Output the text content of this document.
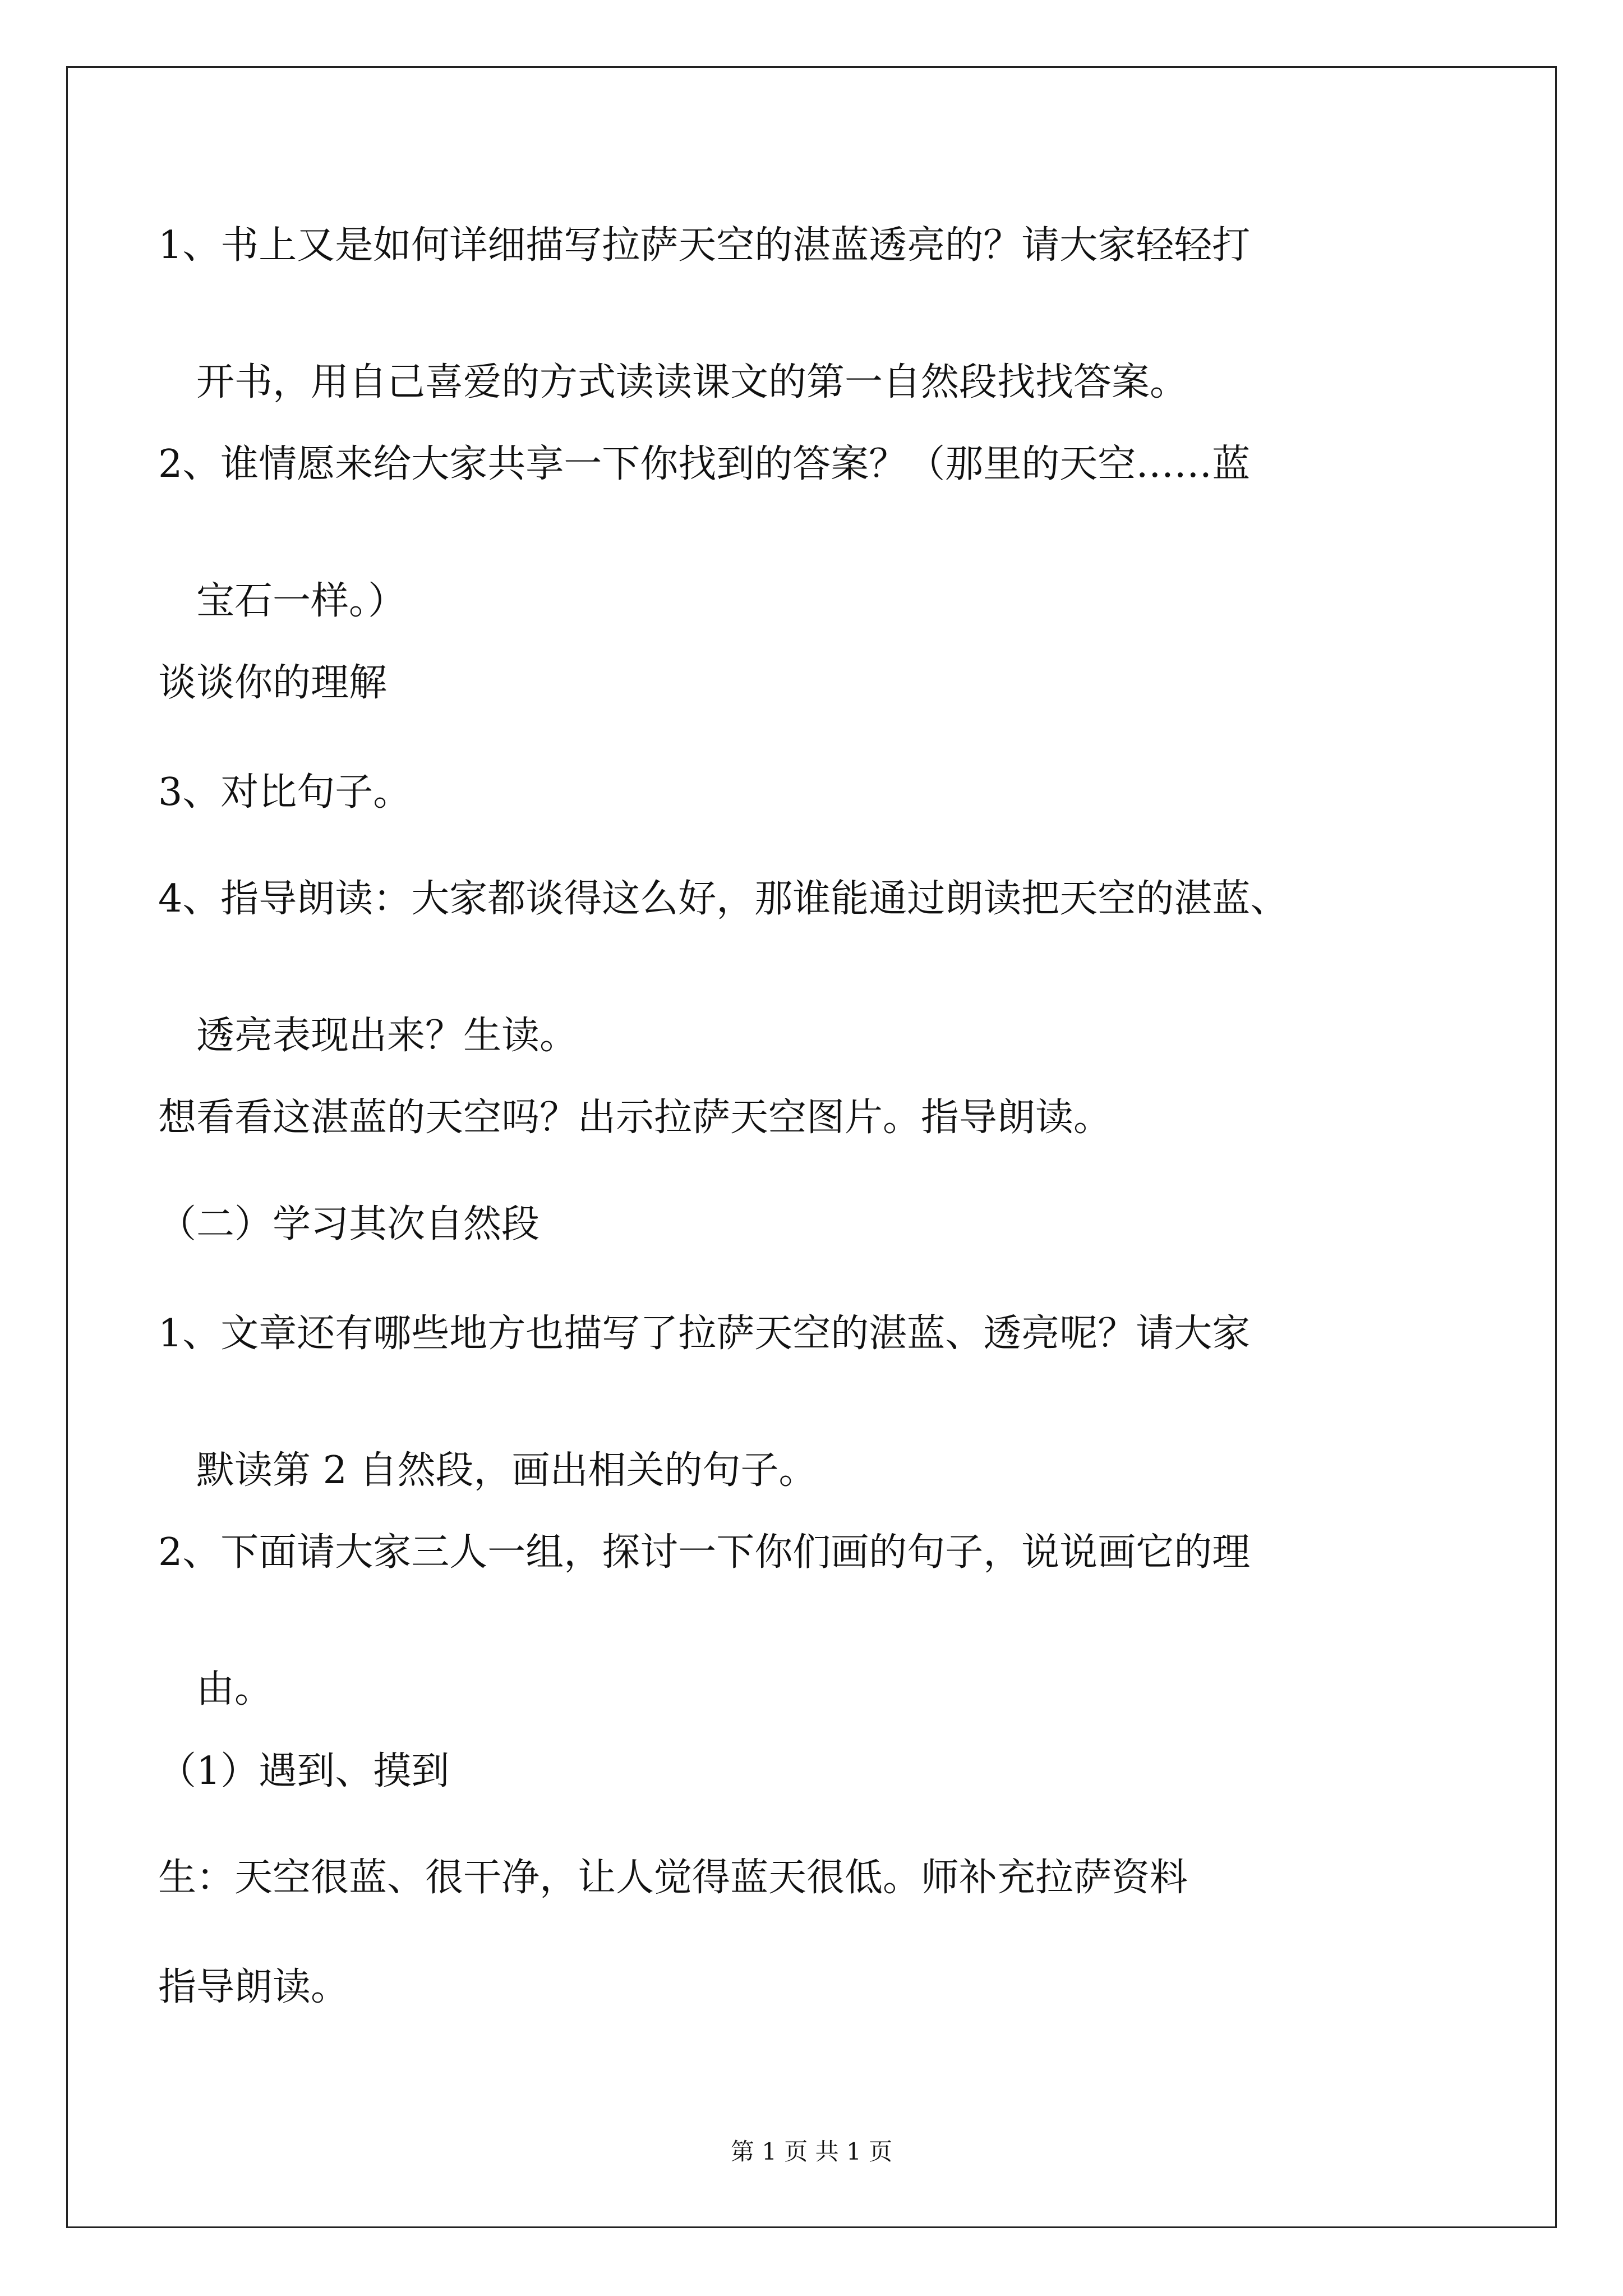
1、书上又是如何详细描写拉萨天空的湛蓝透亮的？请大家轻轻打
开书，用自己喜爱的方式读读课文的第一自然段找找答案。
2、谁情愿来给大家共享一下你找到的答案？（那里的天空……蓝
宝石一样。）
谈谈你的理解
3、对比句子。
4、指导朗读：大家都谈得这么好，那谁能通过朗读把天空的湛蓝、
透亮表现出来？生读。
想看看这湛蓝的天空吗？出示拉萨天空图片。指导朗读。
（二）学习其次自然段
1、文章还有哪些地方也描写了拉萨天空的湛蓝、透亮呢？请大家
默读第 2 自然段，画出相关的句子。
2、下面请大家三人一组，探讨一下你们画的句子，说说画它的理
由。
（1）遇到、摸到
生：天空很蓝、很干净，让人觉得蓝天很低。师补充拉萨资料
指导朗读。
第 1 页 共 1 页
